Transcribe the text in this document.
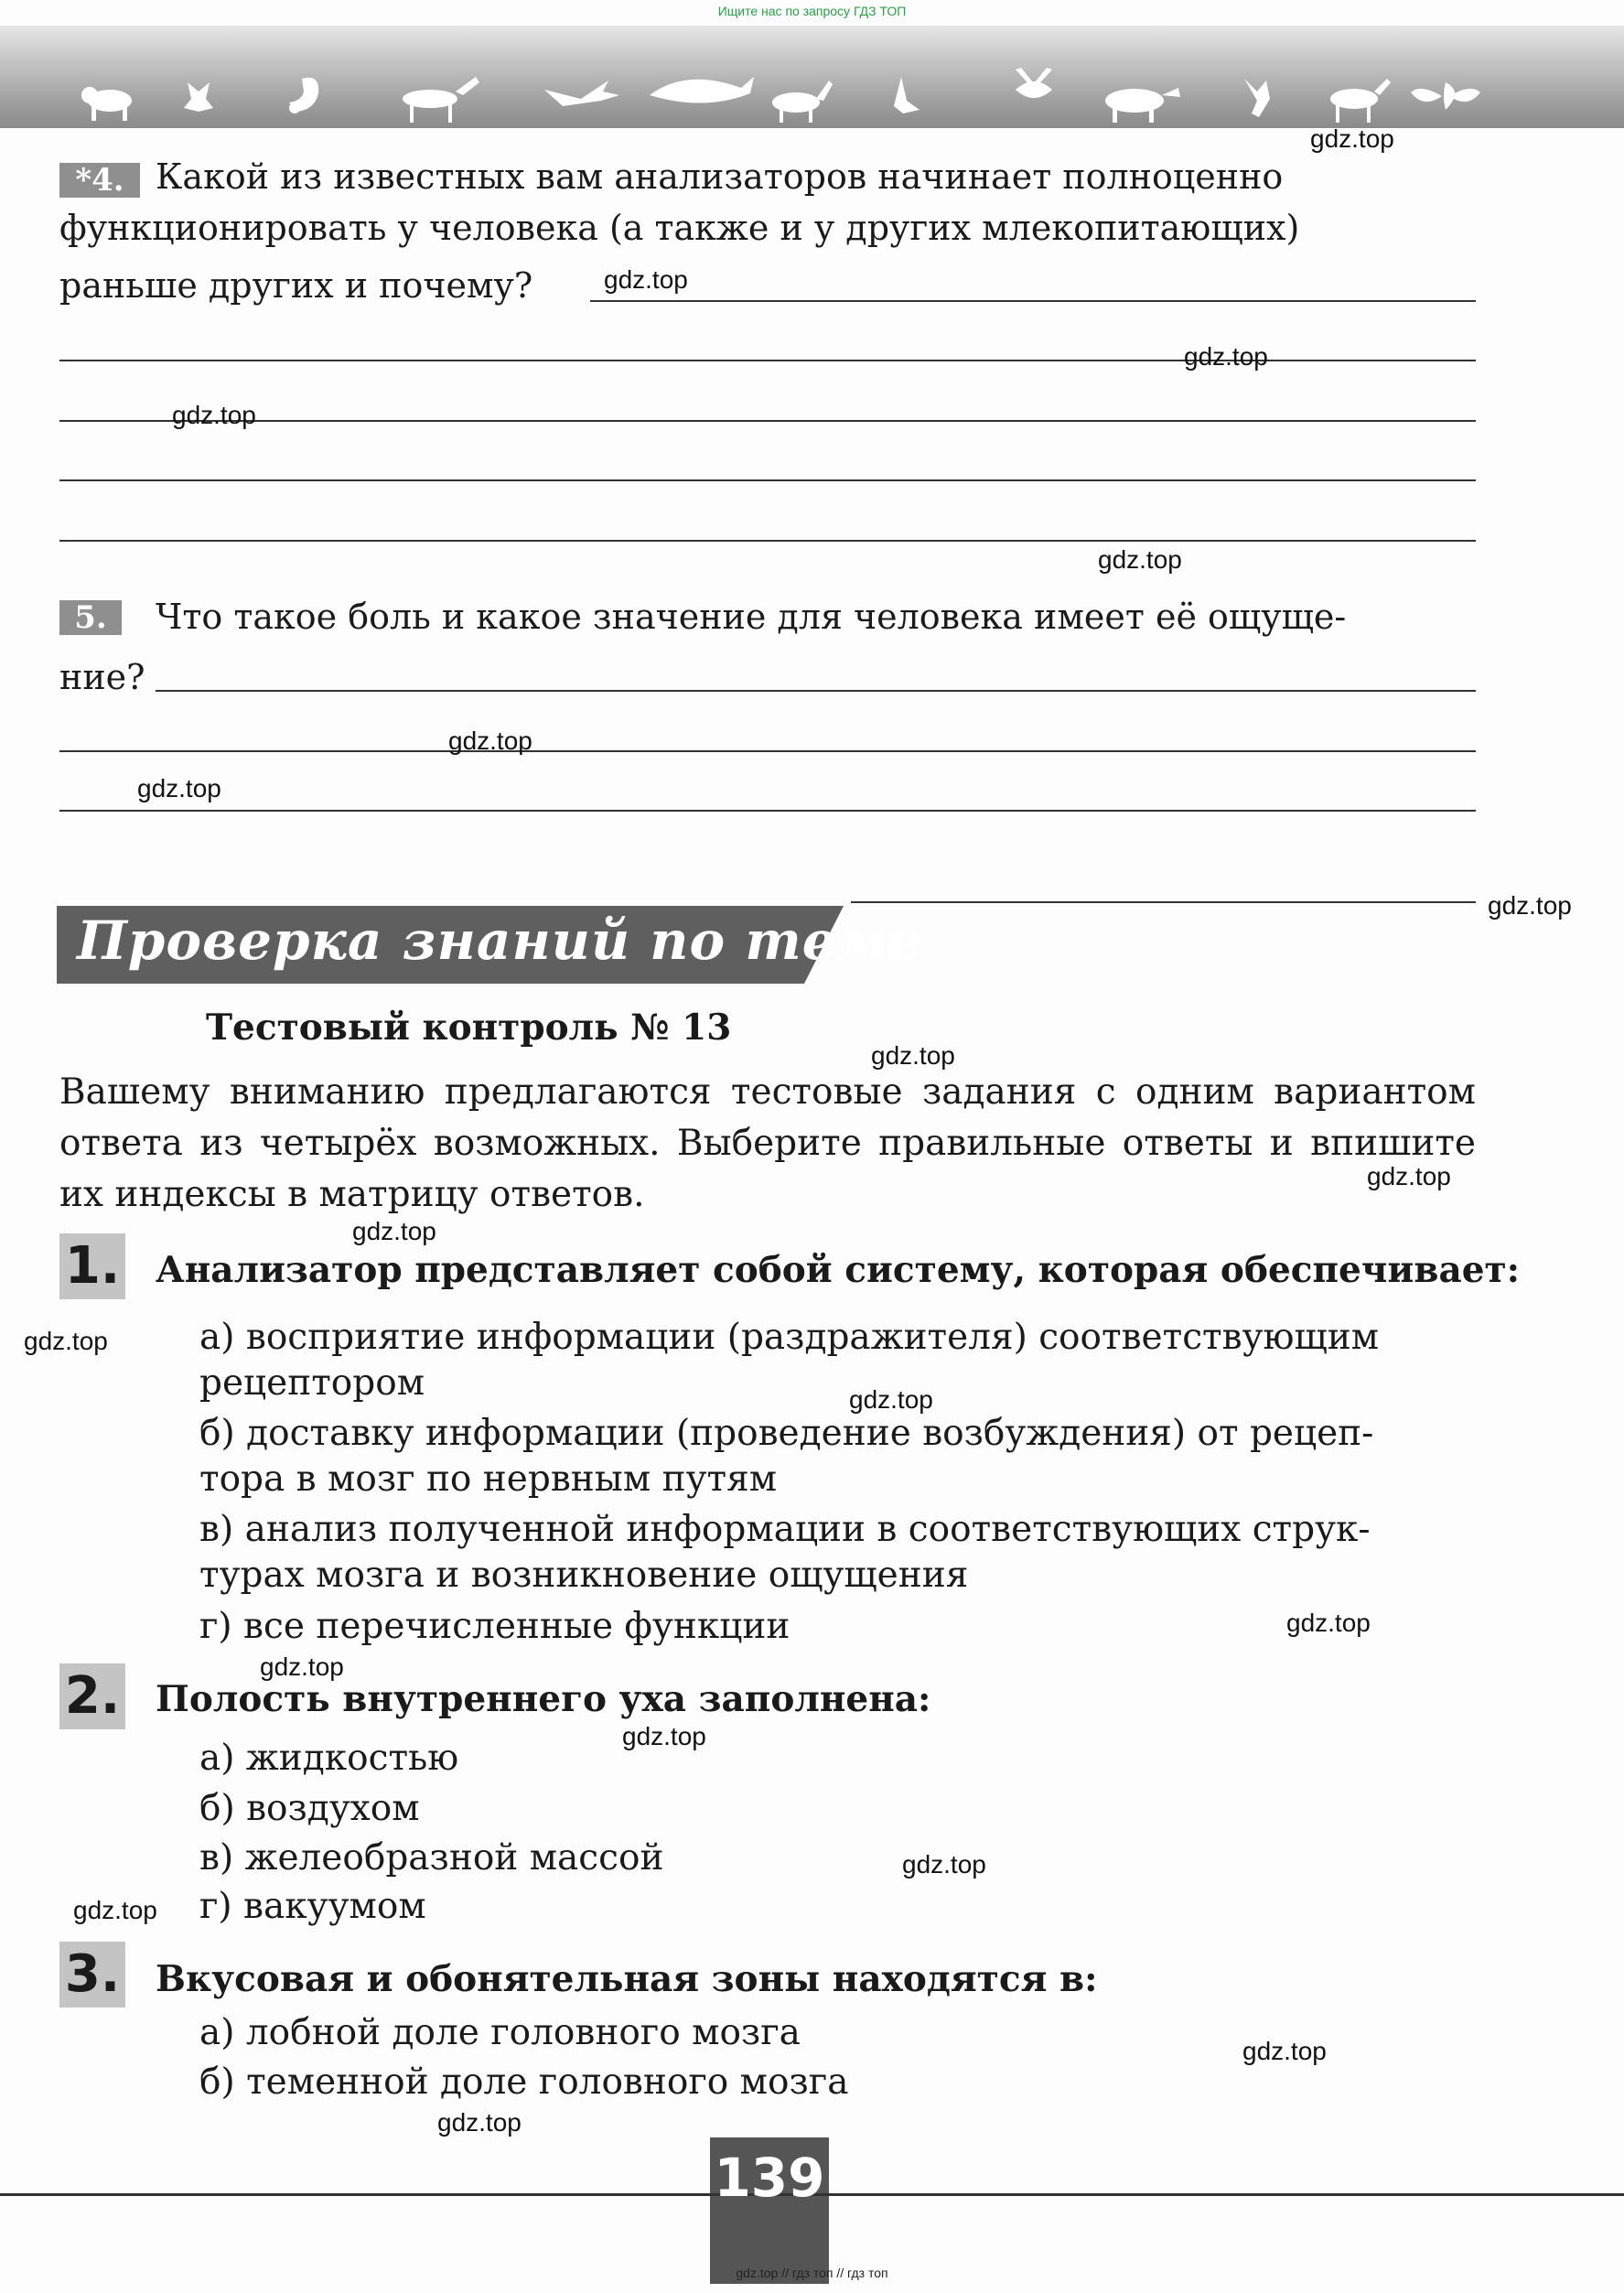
Ищите нас по запросу ГДЗ ТОП
*4. Какой из известных вам анализаторов начинает полноценно
функционировать у человека (а также и у других млекопитающих)
раньше других и почему?
5.	Что такое боль и какое значение для человека имеет её ощуще-
ние?
Проверка знаний по теме
Тестовый контроль № 13
Вашему вниманию предлагаются тестовые задания с одним вариантом ответа из четырёх возможных. Выберите правильные ответы и впишите их индексы в матрицу ответов.
1. Анализатор представляет собой систему, которая обеспечивает:
а) восприятие информации (раздражителя) соответствующим
рецептором
б) доставку информации (проведение возбуждения) от рецеп-
тора в мозг по нервным путям
в) анализ полученной информации в соответствующих струк-
турах мозга и возникновение ощущения
г) все перечисленные функции
2. Полость внутреннего уха заполнена:
а) жидкостью
б) воздухом
в) желеобразной массой
г) вакуумом
3. Вкусовая и обонятельная зоны находятся в:
а) лобной доле головного мозга
б) теменной доле головного мозга
139
gdz.top // гдз топ // гдз топ
gdz.top
gdz.top
gdz.top
gdz.top
gdz.top
gdz.top
gdz.top
gdz.top
gdz.top
gdz.top
gdz.top
gdz.top
gdz.top
gdz.top
gdz.top
gdz.top
gdz.top
gdz.top
gdz.top
gdz.top
